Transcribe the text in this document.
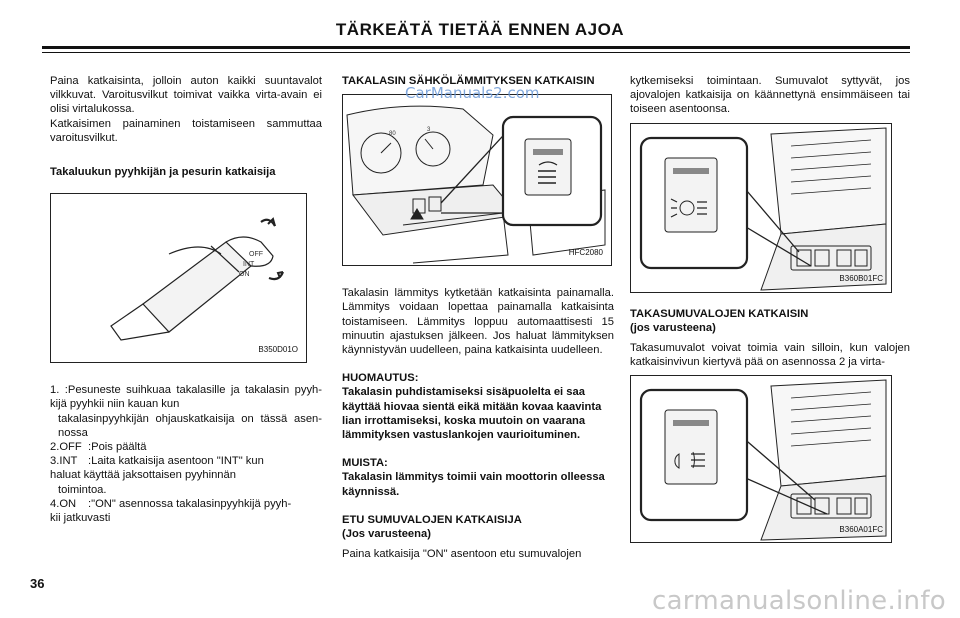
TÄRKEÄTÄ TIETÄÄ ENNEN AJOA

Paina katkaisinta, jolloin auton kaikki suuntavalot vilkkuvat. Varoitusvilkut toimivat vaikka virta-avain ei olisi virtalukossa.

Katkaisimen painaminen toistamiseen sammuttaa varoitusvilkut.

Takaluukun pyyhkijän ja pesurin katkaisija

OFF
INT
ON
B350D01O

1. :Pesuneste suihkuaa takalasille ja takalasin pyyh-kijä pyyhkii niin kauan kun

takalasinpyyhkijän ohjauskatkaisija on tässä asen-nossa

2.OFF :Pois päältä
3.INT :Laita katkaisija asentoon "INT" kun

haluat käyttää jaksottaisen pyyhinnän

toimintoa.

4.ON	:"ON" asennossa takalasinpyyhkijä pyyh-

kii jatkuvasti

TAKALASIN SÄHKÖLÄMMITYKSEN KATKAISIN

80
3
HFC2080

Takalasin lämmitys kytketään katkaisinta painamalla. Lämmitys voidaan lopettaa painamalla katkaisinta toistamiseen. Lämmitys loppuu automaattisesti 15 minuutin ajastuksen jälkeen. Jos haluat lämmityksen käynnistyvän uudelleen, paina katkaisinta uudelleen.

HUOMAUTUS:

Takalasin puhdistamiseksi sisäpuolelta ei saa käyttää hiovaa sientä eikä mitään kovaa kaavinta lian irrottamiseksi, koska muutoin on vaarana lämmityksen vastuslankojen vaurioituminen.

MUISTA:

Takalasin lämmitys toimii vain moottorin olleessa käynnissä.

ETU SUMUVALOJEN KATKAISIJA

(Jos varusteena)

Paina katkaisija "ON" asentoon etu sumuvalojen

kytkemiseksi toimintaan. Sumuvalot syttyvät, jos ajovalojen katkaisija on käännettynä ensimmäiseen tai toiseen asentoonsa.

B360B01FC

TAKASUMUVALOJEN KATKAISIN

(jos varusteena)

Takasumuvalot voivat toimia vain silloin, kun valojen katkaisinvivun kiertyvä pää on asennossa 2 ja virta-

B360A01FC
CarManuals2.com
36
carmanualsonline.info
